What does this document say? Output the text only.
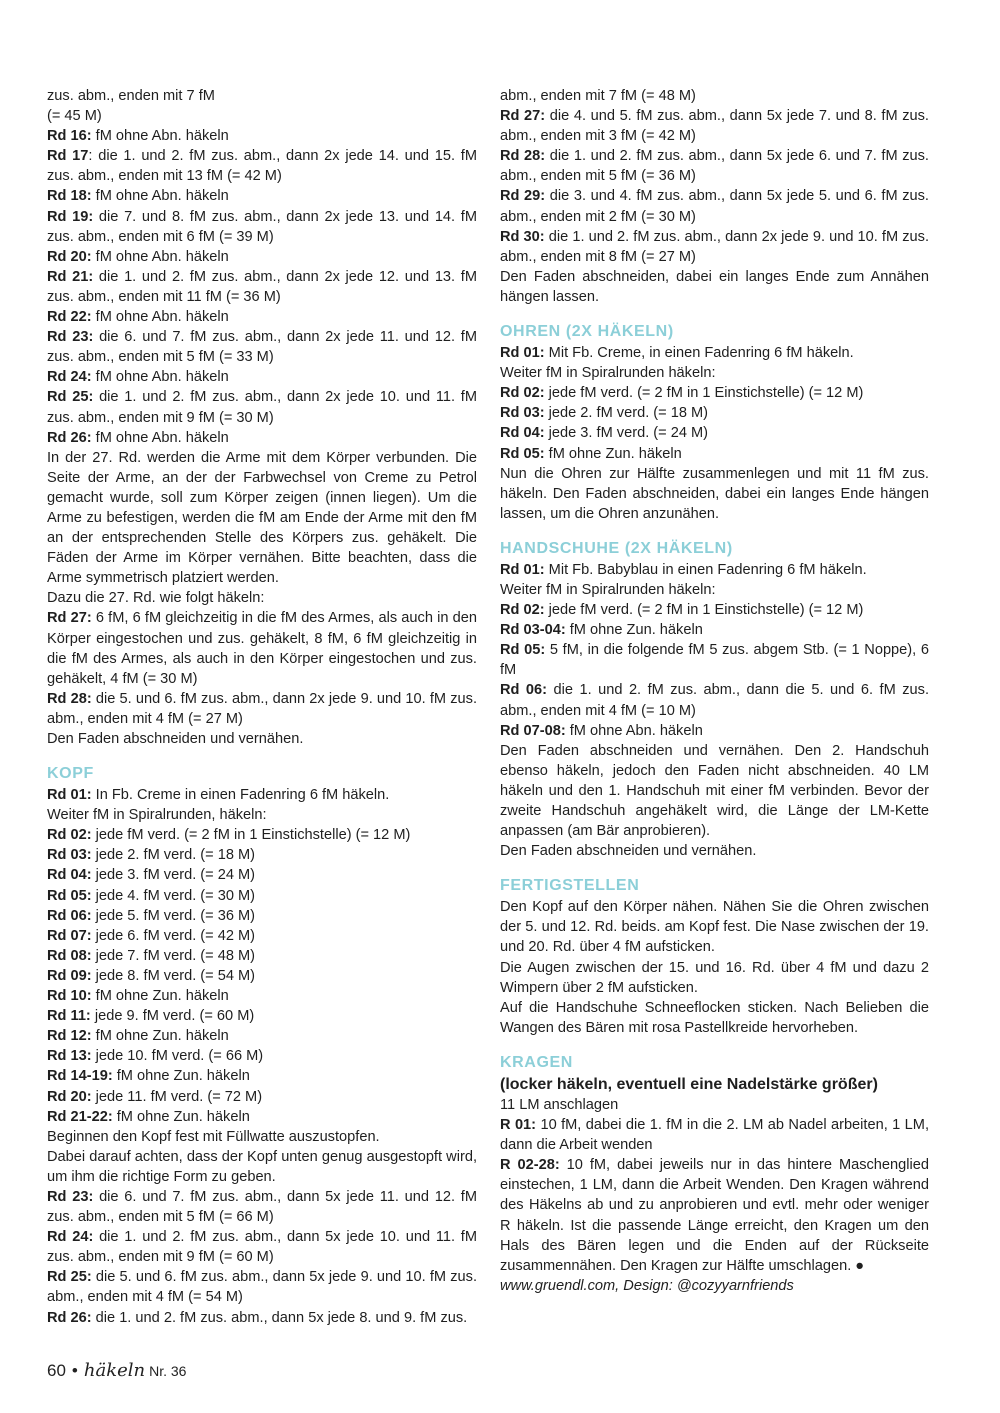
zus. abm., enden mit 7 fM

(= 45 M)

Rd 16: fM ohne Abn. häkeln

Rd 17: die 1. und 2. fM zus. abm., dann 2x jede 14. und 15. fM zus. abm., enden mit 13 fM (= 42 M)

Rd 18: fM ohne Abn. häkeln

Rd 19: die 7. und 8. fM zus. abm., dann 2x jede 13. und 14. fM zus. abm., enden mit 6 fM (= 39 M)

Rd 20: fM ohne Abn. häkeln

Rd 21: die 1. und 2. fM zus. abm., dann 2x jede 12. und 13. fM zus. abm., enden mit 11 fM (= 36 M)

Rd 22: fM ohne Abn. häkeln

Rd 23: die 6. und 7. fM zus. abm., dann 2x jede 11. und 12. fM zus. abm., enden mit 5 fM (= 33 M)

Rd 24: fM ohne Abn. häkeln

Rd 25: die 1. und 2. fM zus. abm., dann 2x jede 10. und 11. fM zus. abm., enden mit 9 fM (= 30 M)

Rd 26: fM ohne Abn. häkeln

In der 27. Rd. werden die Arme mit dem Körper verbunden. Die Seite der Arme, an der der Farbwechsel von Creme zu Petrol gemacht wurde, soll zum Körper zeigen (innen liegen). Um die Arme zu befestigen, werden die fM am Ende der Arme mit den fM an der entsprechenden Stelle des Körpers zus. gehäkelt. Die Fäden der Arme im Körper vernähen. Bitte beachten, dass die Arme symmetrisch platziert werden.

Dazu die 27. Rd. wie folgt häkeln:

Rd 27: 6 fM, 6 fM gleichzeitig in die fM des Armes, als auch in den Körper eingestochen und zus. gehäkelt, 8 fM, 6 fM gleichzeitig in die fM des Armes, als auch in den Körper eingestochen und zus. gehäkelt, 4 fM (= 30 M)

Rd 28: die 5. und 6. fM zus. abm., dann 2x jede 9. und 10. fM zus. abm., enden mit 4 fM (= 27 M)

Den Faden abschneiden und vernähen.

KOPF

Rd 01: In Fb. Creme in einen Fadenring 6 fM häkeln.

Weiter fM in Spiralrunden, häkeln:

Rd 02: jede fM verd. (= 2 fM in 1 Einstichstelle) (= 12 M)

Rd 03: jede 2. fM verd. (= 18 M)

Rd 04: jede 3. fM verd. (= 24 M)

Rd 05: jede 4. fM verd. (= 30 M)

Rd 06: jede 5. fM verd. (= 36 M)

Rd 07: jede 6. fM verd. (= 42 M)

Rd 08: jede 7. fM verd. (= 48 M)

Rd 09: jede 8. fM verd. (= 54 M)

Rd 10: fM ohne Zun. häkeln

Rd 11: jede 9. fM verd. (= 60 M)

Rd 12: fM ohne Zun. häkeln

Rd 13: jede 10. fM verd. (= 66 M)

Rd 14-19: fM ohne Zun. häkeln

Rd 20: jede 11. fM verd. (= 72 M)

Rd 21-22: fM ohne Zun. häkeln

Beginnen den Kopf fest mit Füllwatte auszustopfen.

Dabei darauf achten, dass der Kopf unten genug ausgestopft wird, um ihm die richtige Form zu geben.

Rd 23: die 6. und 7. fM zus. abm., dann 5x jede 11. und 12. fM zus. abm., enden mit 5 fM (= 66 M)

Rd 24: die 1. und 2. fM zus. abm., dann 5x jede 10. und 11. fM zus. abm., enden mit 9 fM (= 60 M)

Rd 25: die 5. und 6. fM zus. abm., dann 5x jede 9. und 10. fM zus. abm., enden mit 4 fM (= 54 M)

Rd 26: die 1. und 2. fM zus. abm., dann 5x jede 8. und 9. fM zus.

abm., enden mit 7 fM (= 48 M)

Rd 27: die 4. und 5. fM zus. abm., dann 5x jede 7. und 8. fM zus. abm., enden mit 3 fM (= 42 M)

Rd 28: die 1. und 2. fM zus. abm., dann 5x jede 6. und 7. fM zus. abm., enden mit 5 fM (= 36 M)

Rd 29: die 3. und 4. fM zus. abm., dann 5x jede 5. und 6. fM zus. abm., enden mit 2 fM (= 30 M)

Rd 30: die 1. und 2. fM zus. abm., dann 2x jede 9. und 10. fM zus. abm., enden mit 8 fM (= 27 M)

Den Faden abschneiden, dabei ein langes Ende zum Annähen hängen lassen.

OHREN (2X HÄKELN)

Rd 01: Mit Fb. Creme, in einen Fadenring 6 fM häkeln.

Weiter fM in Spiralrunden häkeln:

Rd 02: jede fM verd. (= 2 fM in 1 Einstichstelle) (= 12 M)

Rd 03: jede 2. fM verd. (= 18 M)

Rd 04: jede 3. fM verd. (= 24 M)

Rd 05: fM ohne Zun. häkeln

Nun die Ohren zur Hälfte zusammenlegen und mit 11 fM zus. häkeln. Den Faden abschneiden, dabei ein langes Ende hängen lassen, um die Ohren anzunähen.

HANDSCHUHE (2X HÄKELN)

Rd 01: Mit Fb. Babyblau in einen Fadenring 6 fM häkeln.

Weiter fM in Spiralrunden häkeln:

Rd 02: jede fM verd. (= 2 fM in 1 Einstichstelle) (= 12 M)

Rd 03-04: fM ohne Zun. häkeln

Rd 05: 5 fM, in die folgende fM 5 zus. abgem Stb. (= 1 Noppe), 6 fM

Rd 06: die 1. und 2. fM zus. abm., dann die 5. und 6. fM zus. abm., enden mit 4 fM (= 10 M)

Rd 07-08: fM ohne Abn. häkeln

Den Faden abschneiden und vernähen. Den 2. Handschuh ebenso häkeln, jedoch den Faden nicht abschneiden. 40 LM häkeln und den 1. Handschuh mit einer fM verbinden. Bevor der zweite Handschuh angehäkelt wird, die Länge der LM-Kette anpassen (am Bär anprobieren).

Den Faden abschneiden und vernähen.

FERTIGSTELLEN

Den Kopf auf den Körper nähen. Nähen Sie die Ohren zwischen der 5. und 12. Rd. beids. am Kopf fest. Die Nase zwischen der 19. und 20. Rd. über 4 fM aufsticken.

Die Augen zwischen der 15. und 16. Rd. über 4 fM und dazu 2 Wimpern über 2 fM aufsticken.

Auf die Handschuhe Schneeflocken sticken. Nach Belieben die Wangen des Bären mit rosa Pastellkreide hervorheben.

KRAGEN

(locker häkeln, eventuell eine Nadelstärke größer)

11 LM anschlagen

R 01: 10 fM, dabei die 1. fM in die 2. LM ab Nadel arbeiten, 1 LM, dann die Arbeit wenden

R 02-28: 10 fM, dabei jeweils nur in das hintere Maschenglied einstechen, 1 LM, dann die Arbeit Wenden. Den Kragen während des Häkelns ab und zu anprobieren und evtl. mehr oder weniger R häkeln. Ist die passende Länge erreicht, den Kragen um den Hals des Bären legen und die Enden auf der Rückseite zusammennähen. Den Kragen zur Hälfte umschlagen. ●

www.gruendl.com, Design: @cozyyarnfriends

60 • häkeln Nr. 36
